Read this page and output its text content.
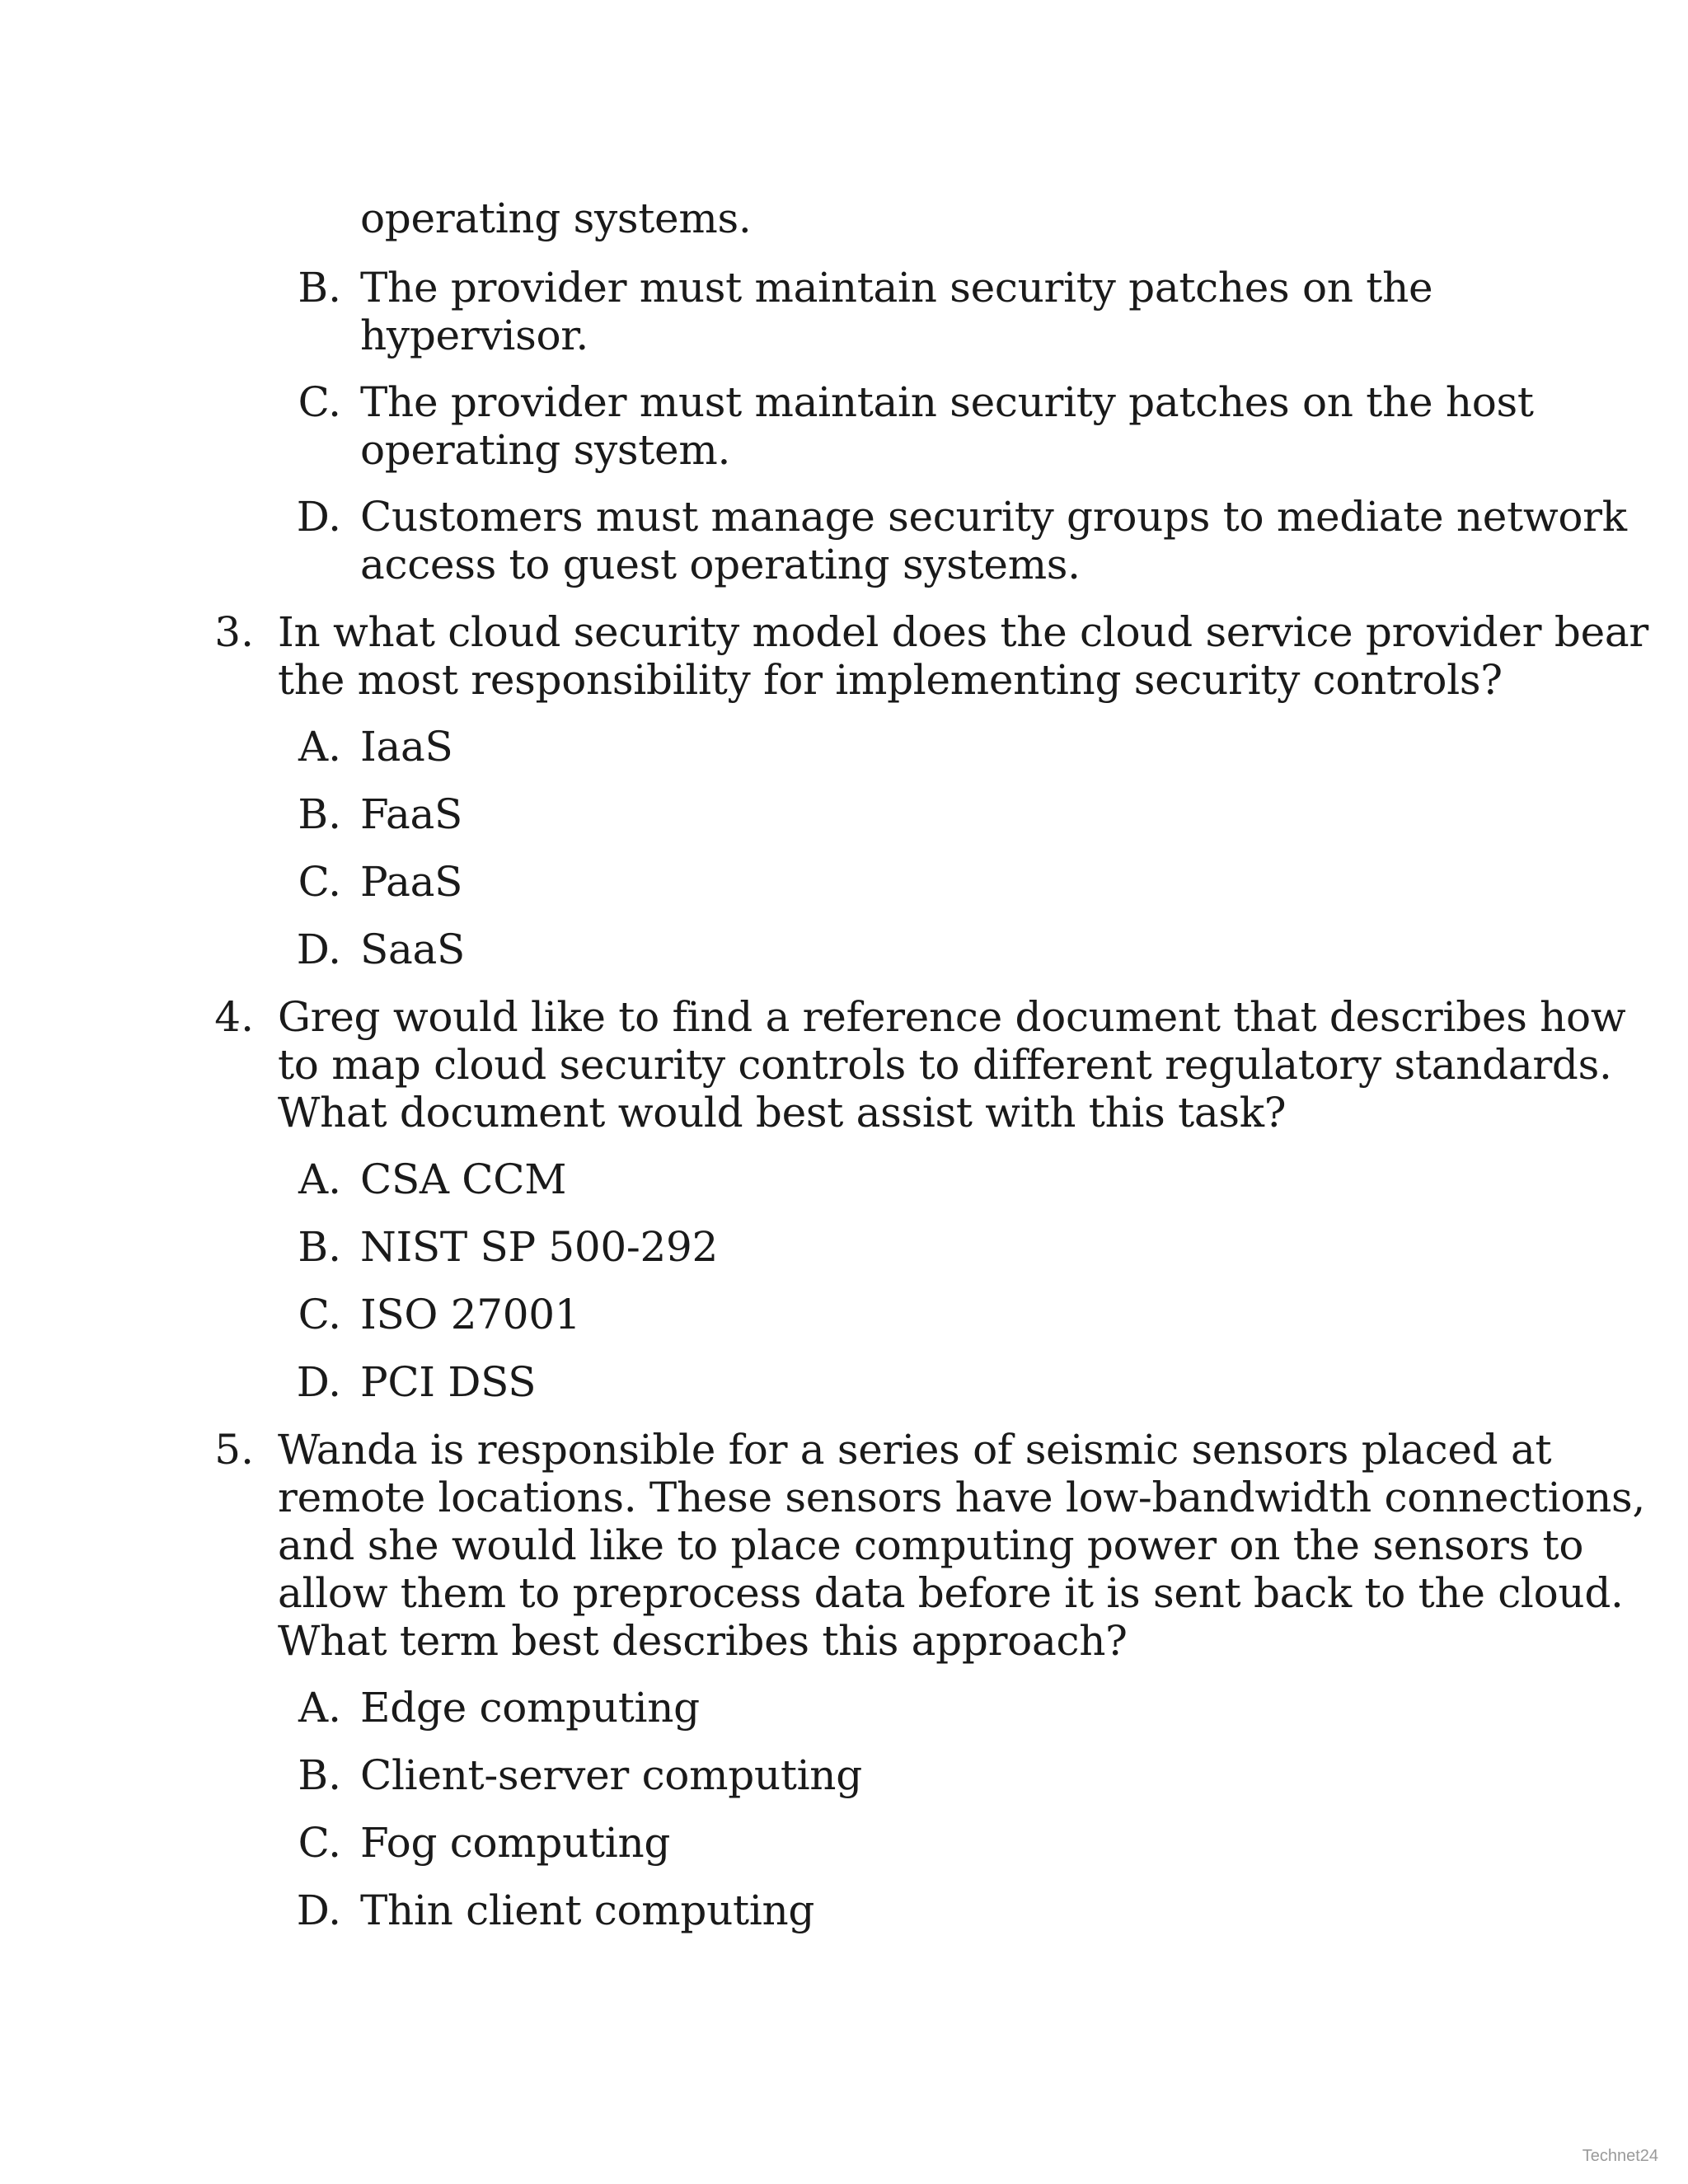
operating systems.
B. The provider must maintain security patches on the
hypervisor.
C. The provider must maintain security patches on the host
operating system.
D. Customers must manage security groups to mediate network
access to guest operating systems.
3. In what cloud security model does the cloud service provider bear
the most responsibility for implementing security controls?
A. IaaS
B. FaaS
C. PaaS
D. SaaS
4. Greg would like to find a reference document that describes how
to map cloud security controls to different regulatory standards.
What document would best assist with this task?
A. CSA CCM
B. NIST SP 500-292
C. ISO 27001
D. PCI DSS
5. Wanda is responsible for a series of seismic sensors placed at
remote locations. These sensors have low-bandwidth connections,
and she would like to place computing power on the sensors to
allow them to preprocess data before it is sent back to the cloud.
What term best describes this approach?
A. Edge computing
B. Client-server computing
C. Fog computing
D. Thin client computing
Technet24
